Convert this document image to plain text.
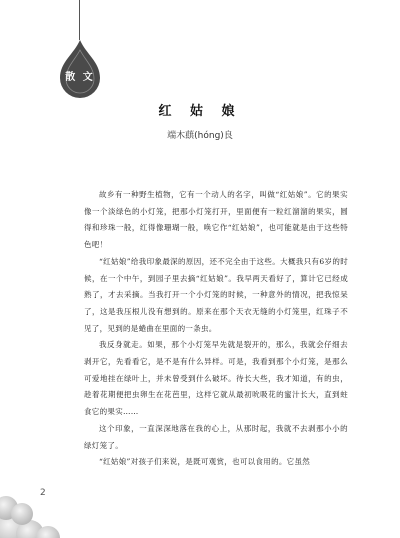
散 文
红 姑 娘
端木蕻(hóng)良

故乡有一种野生植物，它有一个动人的名字，叫做“红姑娘”。它的果实像一个淡绿色的小灯笼，把那小灯笼打开，里面便有一粒红溜溜的果实，圆得和珍珠一般，红得像珊瑚一般，唤它作“红姑娘”，也可能就是由于这些特色吧！

“红姑娘”给我印象最深的原因，还不完全由于这些。大概我只有6岁的时候，在一个中午，到园子里去摘“红姑娘”。我早两天看好了，算计它已经成熟了，才去采摘。当我打开一个小灯笼的时候，一种意外的情况，把我惊呆了，这是我压根儿没有想到的。原来在那个天衣无缝的小灯笼里，红珠子不见了，见到的是蜷曲在里面的一条虫。

我反身就走。如果，那个小灯笼早先就是裂开的，那么，我就会仔细去剥开它，先看看它，是不是有什么异样。可是，我看到那个小灯笼，是那么可爱地挂在绿叶上，并未曾受到什么破坏。待长大些，我才知道，有的虫，趁着花期便把虫卵生在花芭里，这样它就从最初吮吸花的蜜汁长大，直到蛀食它的果实……

这个印象，一直深深地落在我的心上，从那时起，我就不去剥那小小的绿灯笼了。

“红姑娘”对孩子们来说，是既可观赏，也可以食用的。它虽然

2
